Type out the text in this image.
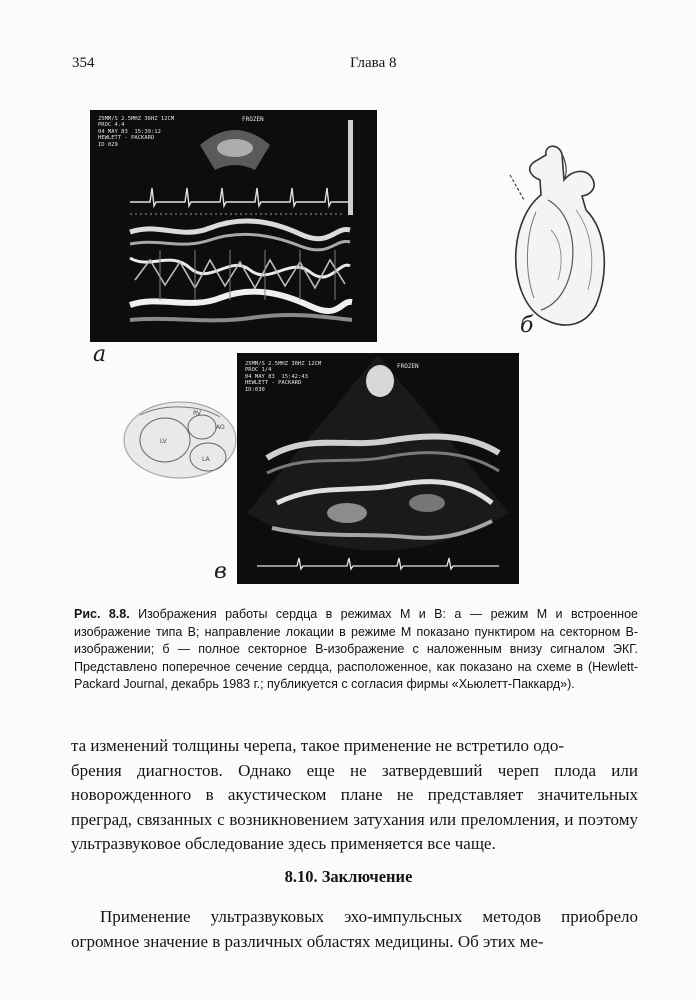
354	Глава 8
25MM/S 2.5MHZ 36HZ 12CM
PROC 4.4
04 MAY 83  15:39:12
HEWLETT - PACKARD
ID 029
FROZEN
а
б
RV
LV
AO
LA
25MM/S 2.5MHZ 30HZ 12CM
PROC 1/4
04 MAY 83  15:42:43
HEWLETT - PACKARD
ID:030
FROZEN
в
Рис. 8.8. Изображения работы сердца в режимах М и В: а — режим М и встроенное изображение типа В; направление локации в режиме М показано пунктиром на секторном В-изображении; б — полное секторное В-изображение с наложенным внизу сигналом ЭКГ. Представлено поперечное сечение сердца, расположенное, как показано на схеме в (Hewlett-Packard Journal, декабрь 1983 г.; публикуется с согласия фирмы «Хьюлетт-Паккард»).
та изменений толщины черепа, такое применение не встретило одо-
брения диагностов. Однако еще не затвердевший череп плода или новорожденного в акустическом плане не представляет значительных преград, связанных с возникновением затухания или преломления, и поэтому ультразвуковое обследование здесь применяется все чаще.
8.10. Заключение
Применение ультразвуковых эхо-импульсных методов приобрело огромное значение в различных областях медицины. Об этих ме-
